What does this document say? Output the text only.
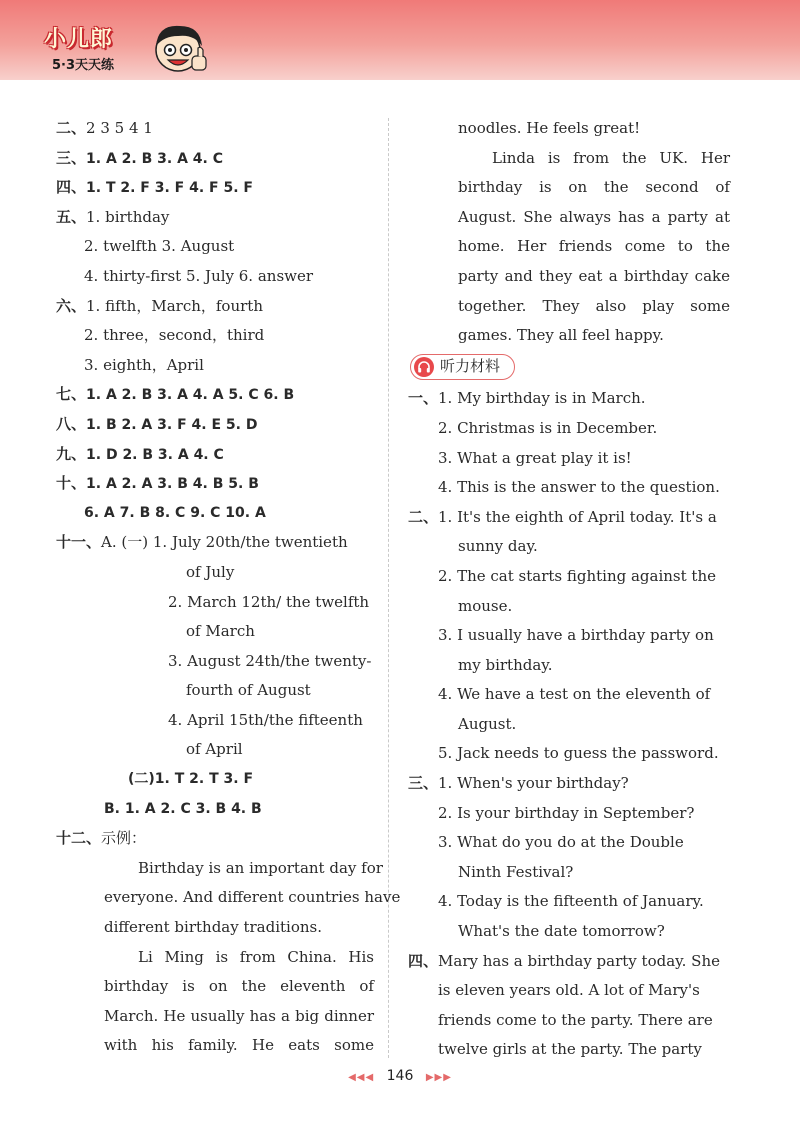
小儿郎
5·3天天练
二、2 3 5 4 1
三、1. A 2. B 3. A 4. C
四、1. T 2. F 3. F 4. F 5. F
五、1. birthday
2. twelfth 3. August
4. thirty-first 5. July 6. answer
六、1. fifth，March，fourth
2. three，second，third
3. eighth，April
七、1. A 2. B 3. A 4. A 5. C 6. B
八、1. B 2. A 3. F 4. E 5. D
九、1. D 2. B 3. A 4. C
十、1. A 2. A 3. B 4. B 5. B
6. A 7. B 8. C 9. C 10. A
十一、A. (一) 1. July 20th/the twentieth
of July
2. March 12th/ the twelfth
of March
3. August 24th/the twenty-
fourth of August
4. April 15th/the fifteenth
of April
(二)1. T 2. T 3. F
B. 1. A 2. C 3. B 4. B
十二、示例：
Birthday is an important day for
everyone. And different countries have
different birthday traditions.
Li Ming is from China. His
birthday is on the eleventh of
March. He usually has a big dinner
with his family. He eats some
noodles. He feels great!
Linda is from the UK. Her
birthday is on the second of
August. She always has a party at
home. Her friends come to the
party and they eat a birthday cake
together. They also play some
games. They all feel happy.
听力材料
一、1. My birthday is in March.
2. Christmas is in December.
3. What a great play it is!
4. This is the answer to the question.
二、1. It's the eighth of April today. It's a
sunny day.
2. The cat starts fighting against the
mouse.
3. I usually have a birthday party on
my birthday.
4. We have a test on the eleventh of
August.
5. Jack needs to guess the password.
三、1. When's your birthday?
2. Is your birthday in September?
3. What do you do at the Double
Ninth Festival?
4. Today is the fifteenth of January.
What's the date tomorrow?
四、Mary has a birthday party today. She
is eleven years old. A lot of Mary's
friends come to the party. There are
twelve girls at the party. The party
◀◀◀ 146 ▶▶▶
